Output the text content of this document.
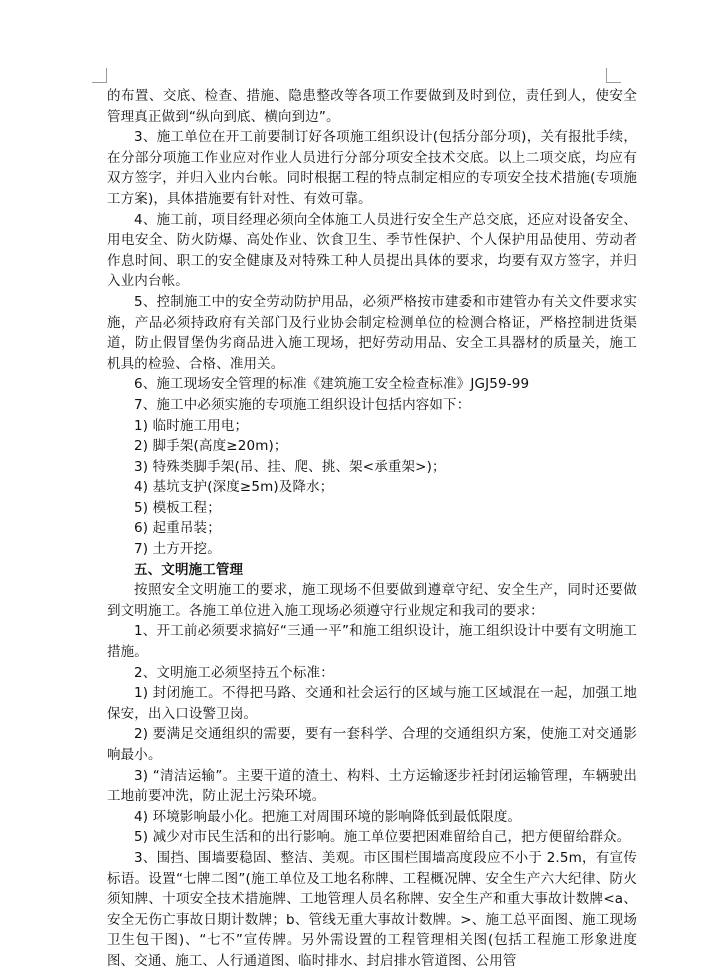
的布置、交底、检查、措施、隐患整改等各项工作要做到及时到位，责任到人，使安全管理真正做到“纵向到底、横向到边”。

3、施工单位在开工前要制订好各项施工组织设计(包括分部分项)，关有报批手续，在分部分项施工作业应对作业人员进行分部分项安全技术交底。以上二项交底，均应有双方签字，并归入业内台帐。同时根据工程的特点制定相应的专项安全技术措施(专项施工方案)，具体措施要有针对性、有效可靠。

4、施工前，项目经理必须向全体施工人员进行安全生产总交底，还应对设备安全、用电安全、防火防爆、高处作业、饮食卫生、季节性保护、个人保护用品使用、劳动者作息时间、职工的安全健康及对特殊工种人员提出具体的要求，均要有双方签字，并归入业内台帐。

5、控制施工中的安全劳动防护用品，必须严格按市建委和市建管办有关文件要求实施，产品必须持政府有关部门及行业协会制定检测单位的检测合格证，严格控制进货渠道，防止假冒堡伪劣商品进入施工现场，把好劳动用品、安全工具器材的质量关，施工机具的检验、合格、准用关。

6、施工现场安全管理的标准《建筑施工安全检查标准》JGJ59-99

7、施工中必须实施的专项施工组织设计包括内容如下：

1) 临时施工用电；

2) 脚手架(高度≥20m)；

3) 特殊类脚手架(吊、挂、爬、挑、架<承重架>)；

4) 基坑支护(深度≥5m)及降水；

5) 模板工程；

6) 起重吊装；

7) 土方开挖。

五、文明施工管理

按照安全文明施工的要求，施工现场不但要做到遵章守纪、安全生产，同时还要做到文明施工。各施工单位进入施工现场必须遵守行业规定和我司的要求：

1、开工前必须要求搞好“三通一平”和施工组织设计，施工组织设计中要有文明施工措施。

2、文明施工必须坚持五个标准：

1) 封闭施工。不得把马路、交通和社会运行的区域与施工区域混在一起，加强工地保安，出入口设警卫岗。

2) 要满足交通组织的需要，要有一套科学、合理的交通组织方案，使施工对交通影响最小。

3) “清洁运输”。主要干道的渣土、构料、土方运输逐步衽封闭运输管理，车辆驶出工地前要冲洗，防止泥土污染环境。

4) 环境影响最小化。把施工对周围环境的影响降低到最低限度。

5) 减少对市民生活和的出行影响。施工单位要把困难留给自己，把方便留给群众。

3、围挡、围墙要稳固、整洁、美观。市区围栏围墙高度段应不小于 2.5m，有宣传标语。设置“七牌二图”(施工单位及工地名称牌、工程概况牌、安全生产六大纪律、防火须知牌、十项安全技术措施牌、工地管理人员名称牌、安全生产和重大事故计数牌<a、安全无伤亡事故日期计数牌；b、管线无重大事故计数牌。>、施工总平面图、施工现场卫生包干图)、“七不”宣传牌。另外需设置的工程管理相关图(包括工程施工形象进度图、交通、施工、人行通道图、临时排水、封启排水管道图、公用管
